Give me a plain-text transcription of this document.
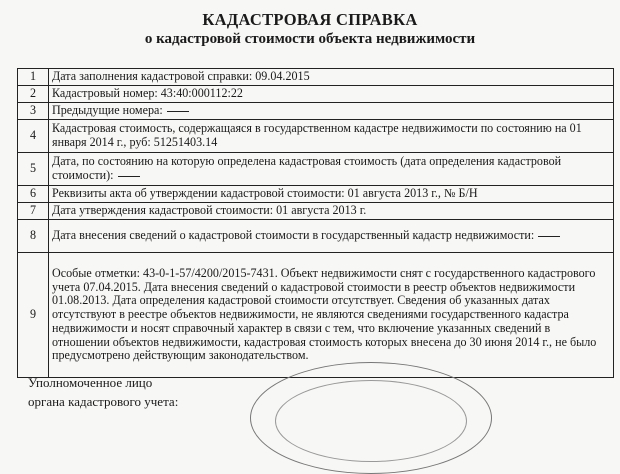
КАДАСТРОВАЯ СПРАВКА
о кадастровой стоимости объекта недвижимости
1	Дата заполнения кадастровой справки: 09.04.2015
2	Кадастровый номер: 43:40:000112:22
3	Предыдущие номера:
4	Кадастровая стоимость, содержащаяся в государственном кадастре недвижимости по состоянию на 01 января 2014 г., руб: 51251403.14
5	Дата, по состоянию на которую определена кадастровая стоимость (дата определения кадастровой стоимости):
6	Реквизиты акта об утверждении кадастровой стоимости: 01 августа 2013 г., № Б/Н
7	Дата утверждения кадастровой стоимости: 01 августа 2013 г.
8	Дата внесения сведений о кадастровой стоимости в государственный кадастр недвижимости:
9	Особые отметки: 43-0-1-57/4200/2015-7431. Объект недвижимости снят с государственного кадастрового учета 07.04.2015. Дата внесения сведений о кадастровой стоимости в реестр объектов недвижимости 01.08.2013. Дата определения кадастровой стоимости отсутствует. Сведения об указанных датах отсутствуют в реестре объектов недвижимости, не являются сведениями государственного кадастра недвижимости и носят справочный характер в связи с тем, что включение указанных сведений в отношении объектов недвижимости, кадастровая стоимость которых внесена до 30 июня 2014 г., не было предусмотрено действующим законодательством.
Уполномоченное лицо
органа кадастрового учета:
